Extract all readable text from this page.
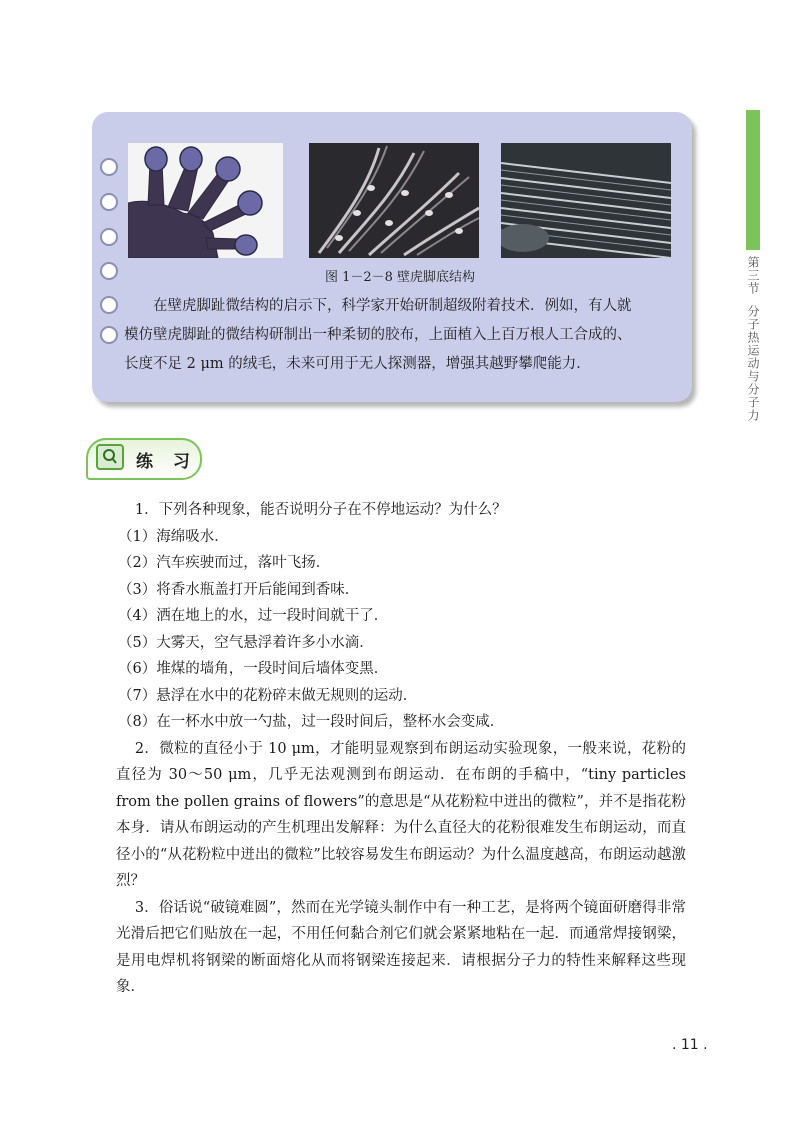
第三节分子热运动与分子力
图 1－2－8 壁虎脚底结构

在壁虎脚趾微结构的启示下，科学家开始研制超级附着技术．例如，有人就

模仿壁虎脚趾的微结构研制出一种柔韧的胶布，上面植入上百万根人工合成的、

长度不足 2 μm 的绒毛，未来可用于无人探测器，增强其越野攀爬能力．

练 习

1．下列各种现象，能否说明分子在不停地运动？为什么？

（1）海绵吸水．

（2）汽车疾驶而过，落叶飞扬．

（3）将香水瓶盖打开后能闻到香味．

（4）洒在地上的水，过一段时间就干了．

（5）大雾天，空气悬浮着许多小水滴．

（6）堆煤的墙角，一段时间后墙体变黑．

（7）悬浮在水中的花粉碎末做无规则的运动．

（8）在一杯水中放一勺盐，过一段时间后，整杯水会变咸．

2．微粒的直径小于 10 μm，才能明显观察到布朗运动实验现象，一般来说，花粉的直径为 30～50 μm，几乎无法观测到布朗运动．在布朗的手稿中，“tiny particles from the pollen grains of flowers”的意思是“从花粉粒中迸出的微粒”，并不是指花粉本身．请从布朗运动的产生机理出发解释：为什么直径大的花粉很难发生布朗运动，而直径小的“从花粉粒中迸出的微粒”比较容易发生布朗运动？为什么温度越高，布朗运动越激烈？

3．俗话说“破镜难圆”，然而在光学镜头制作中有一种工艺，是将两个镜面研磨得非常光滑后把它们贴放在一起，不用任何黏合剂它们就会紧紧地粘在一起．而通常焊接钢梁，是用电焊机将钢梁的断面熔化从而将钢梁连接起来．请根据分子力的特性来解释这些现象．

. 11 .
